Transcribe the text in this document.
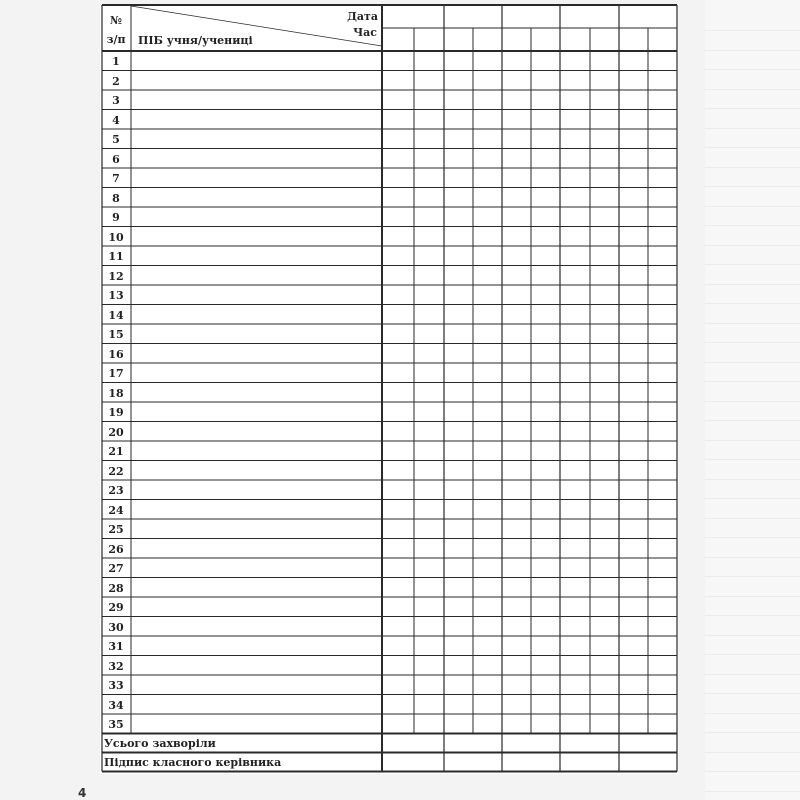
№
з/п	ПІБ учня/учениці
Дата
Час
1
2
3
4
5
6
7
8
9
10
11
12
13
14
15
16
17
18
19
20
21
22
23
24
25
26
27
28
29
30
31
32
33
34
35
Усього захворіли
Підпис класного керівника
4
